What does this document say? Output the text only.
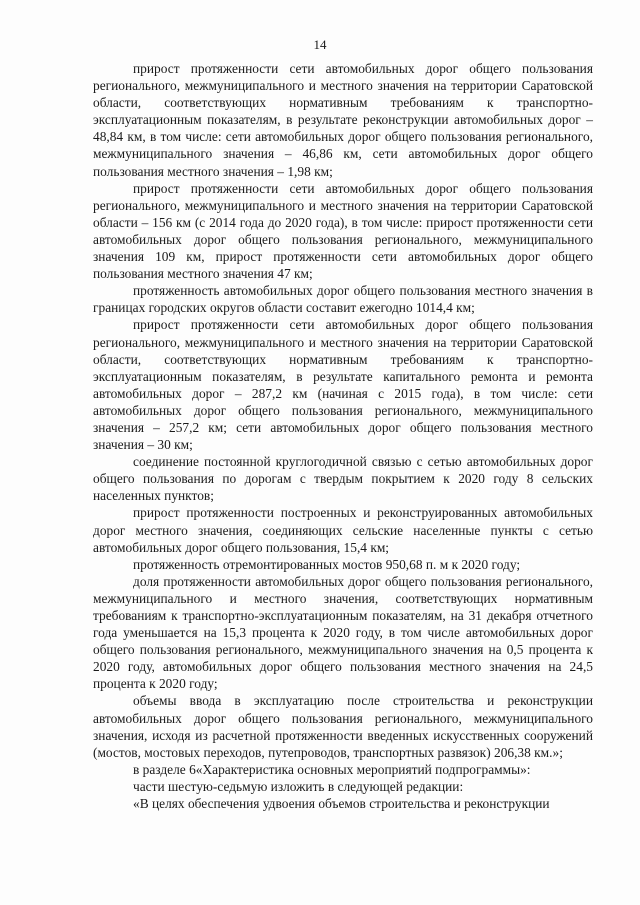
14

прирост протяженности сети автомобильных дорог общего пользования регионального, межмуниципального и местного значения на территории Саратовской области, соответствующих нормативным требованиям к транспортно-эксплуатационным показателям, в результате реконструкции автомобильных дорог – 48,84 км, в том числе: сети автомобильных дорог общего пользования регионального, межмуниципального значения – 46,86 км, сети автомобильных дорог общего пользования местного значения – 1,98 км;

прирост протяженности сети автомобильных дорог общего пользования регионального, межмуниципального и местного значения на территории Саратовской области – 156 км (с 2014 года до 2020 года), в том числе: прирост протяженности сети автомобильных дорог общего пользования регионального, межмуниципального значения 109 км, прирост протяженности сети автомобильных дорог общего пользования местного значения 47 км;

протяженность автомобильных дорог общего пользования местного значения в границах городских округов области составит ежегодно 1014,4 км;

прирост протяженности сети автомобильных дорог общего пользования регионального, межмуниципального и местного значения на территории Саратовской области, соответствующих нормативным требованиям к транспортно-эксплуатационным показателям, в результате капитального ремонта и ремонта автомобильных дорог – 287,2 км (начиная с 2015 года), в том числе: сети автомобильных дорог общего пользования регионального, межмуниципального значения – 257,2 км; сети автомобильных дорог общего пользования местного значения – 30 км;

соединение постоянной круглогодичной связью с сетью автомобильных дорог общего пользования по дорогам с твердым покрытием к 2020 году 8 сельских населенных пунктов;

прирост протяженности построенных и реконструированных автомобильных дорог местного значения, соединяющих сельские населенные пункты с сетью автомобильных дорог общего пользования, 15,4 км;

протяженность отремонтированных мостов 950,68 п. м к 2020 году;

доля протяженности автомобильных дорог общего пользования регионального, межмуниципального и местного значения, соответствующих нормативным требованиям к транспортно-эксплуатационным показателям, на 31 декабря отчетного года уменьшается на 15,3 процента к 2020 году, в том числе автомобильных дорог общего пользования регионального, межмуниципального значения на 0,5 процента к 2020 году, автомобильных дорог общего пользования местного значения на 24,5 процента к 2020 году;

объемы ввода в эксплуатацию после строительства и реконструкции автомобильных дорог общего пользования регионального, межмуниципального значения, исходя из расчетной протяженности введенных искусственных сооружений (мостов, мостовых переходов, путепроводов, транспортных развязок) 206,38 км.»;

в разделе 6«Характеристика основных мероприятий подпрограммы»:

части шестую-седьмую изложить в следующей редакции:

«В целях обеспечения удвоения объемов строительства и реконструкции
